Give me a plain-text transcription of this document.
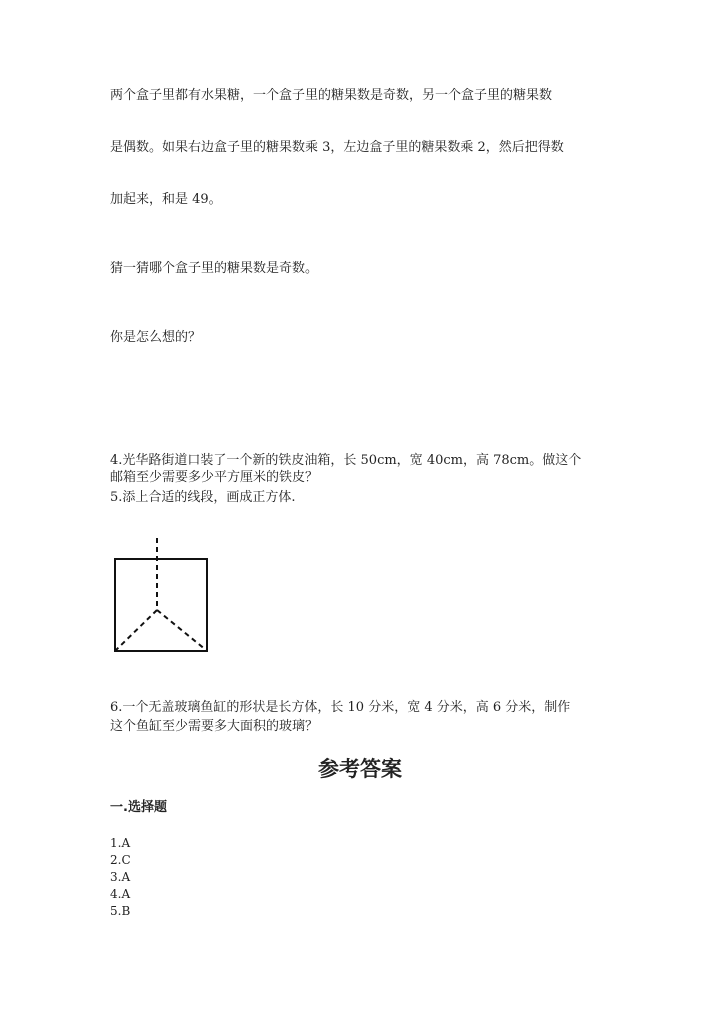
两个盒子里都有水果糖，一个盒子里的糖果数是奇数，另一个盒子里的糖果数

是偶数。如果右边盒子里的糖果数乘 3，左边盒子里的糖果数乘 2，然后把得数

加起来，和是 49。

猜一猜哪个盒子里的糖果数是奇数。

你是怎么想的？

4.光华路街道口装了一个新的铁皮油箱，长 50cm，宽 40cm，高 78cm。做这个

邮箱至少需要多少平方厘米的铁皮？

5.添上合适的线段，画成正方体.

6.一个无盖玻璃鱼缸的形状是长方体，长 10 分米，宽 4 分米，高 6 分米，制作

这个鱼缸至少需要多大面积的玻璃？

参考答案
一.选择题
1.A
2.C
3.A
4.A
5.B
